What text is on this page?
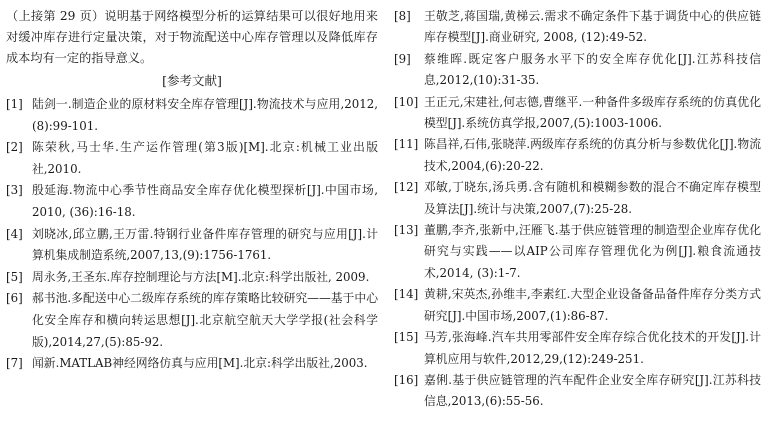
（上接第 29 页）说明基于网络模型分析的运算结果可以很好地用来对缓冲库存进行定量决策，对于物流配送中心库存管理以及降低库存成本均有一定的指导意义。

[参考文献]
[1] 陆剑一.制造企业的原材料安全库存管理[J].物流技术与应用,2012,(8):99-101.
[2] 陈荣秋,马士华.生产运作管理(第3版)[M].北京:机械工业出版社,2010.
[3] 殷延海.物流中心季节性商品安全库存优化模型探析[J].中国市场, 2010, (36):16-18.
[4] 刘晓冰,邱立鹏,王万雷.特钢行业备件库存管理的研究与应用[J].计算机集成制造系统,2007,13,(9):1756-1761.
[5] 周永务,王圣东.库存控制理论与方法[M].北京:科学出版社, 2009.
[6] 郝书池.多配送中心二级库存系统的库存策略比较研究——基于中心化安全库存和横向转运思想[J].北京航空航天大学学报(社会科学版),2014,27,(5):85-92.
[7] 闻新.MATLAB神经网络仿真与应用[M].北京:科学出版社,2003.
[8]	王敬芝,蒋国瑞,黄梯云.需求不确定条件下基于调货中心的供应链库存模型[J].商业研究, 2008, (12):49-52.
[9]	蔡维晖.既定客户服务水平下的安全库存优化[J].江苏科技信息,2012,(10):31-35.
[10] 王正元,宋建社,何志德,曹继平.一种备件多级库存系统的仿真优化模型[J].系统仿真学报,2007,(5):1003-1006.
[11] 陈昌祥,石伟,张晓萍.两级库存系统的仿真分析与参数优化[J].物流技术,2004,(6):20-22.
[12] 邓敏,丁晓东,汤兵勇.含有随机和模糊参数的混合不确定库存模型及算法[J].统计与决策,2007,(7):25-28.
[13] 董鹏,李齐,张新中,汪雁飞.基于供应链管理的制造型企业库存优化研究与实践——以AIP公司库存管理优化为例[J].粮食流通技术,2014, (3):1-7.
[14] 黄耕,宋英杰,孙维丰,李素红.大型企业设备备品备件库存分类方式研究[J].中国市场,2007,(1):86-87.
[15] 马芳,张海峰.汽车共用零部件安全库存综合优化技术的开发[J].计算机应用与软件,2012,29,(12):249-251.
[16] 嘉俐.基于供应链管理的汽车配件企业安全库存研究[J].江苏科技信息,2013,(6):55-56.
